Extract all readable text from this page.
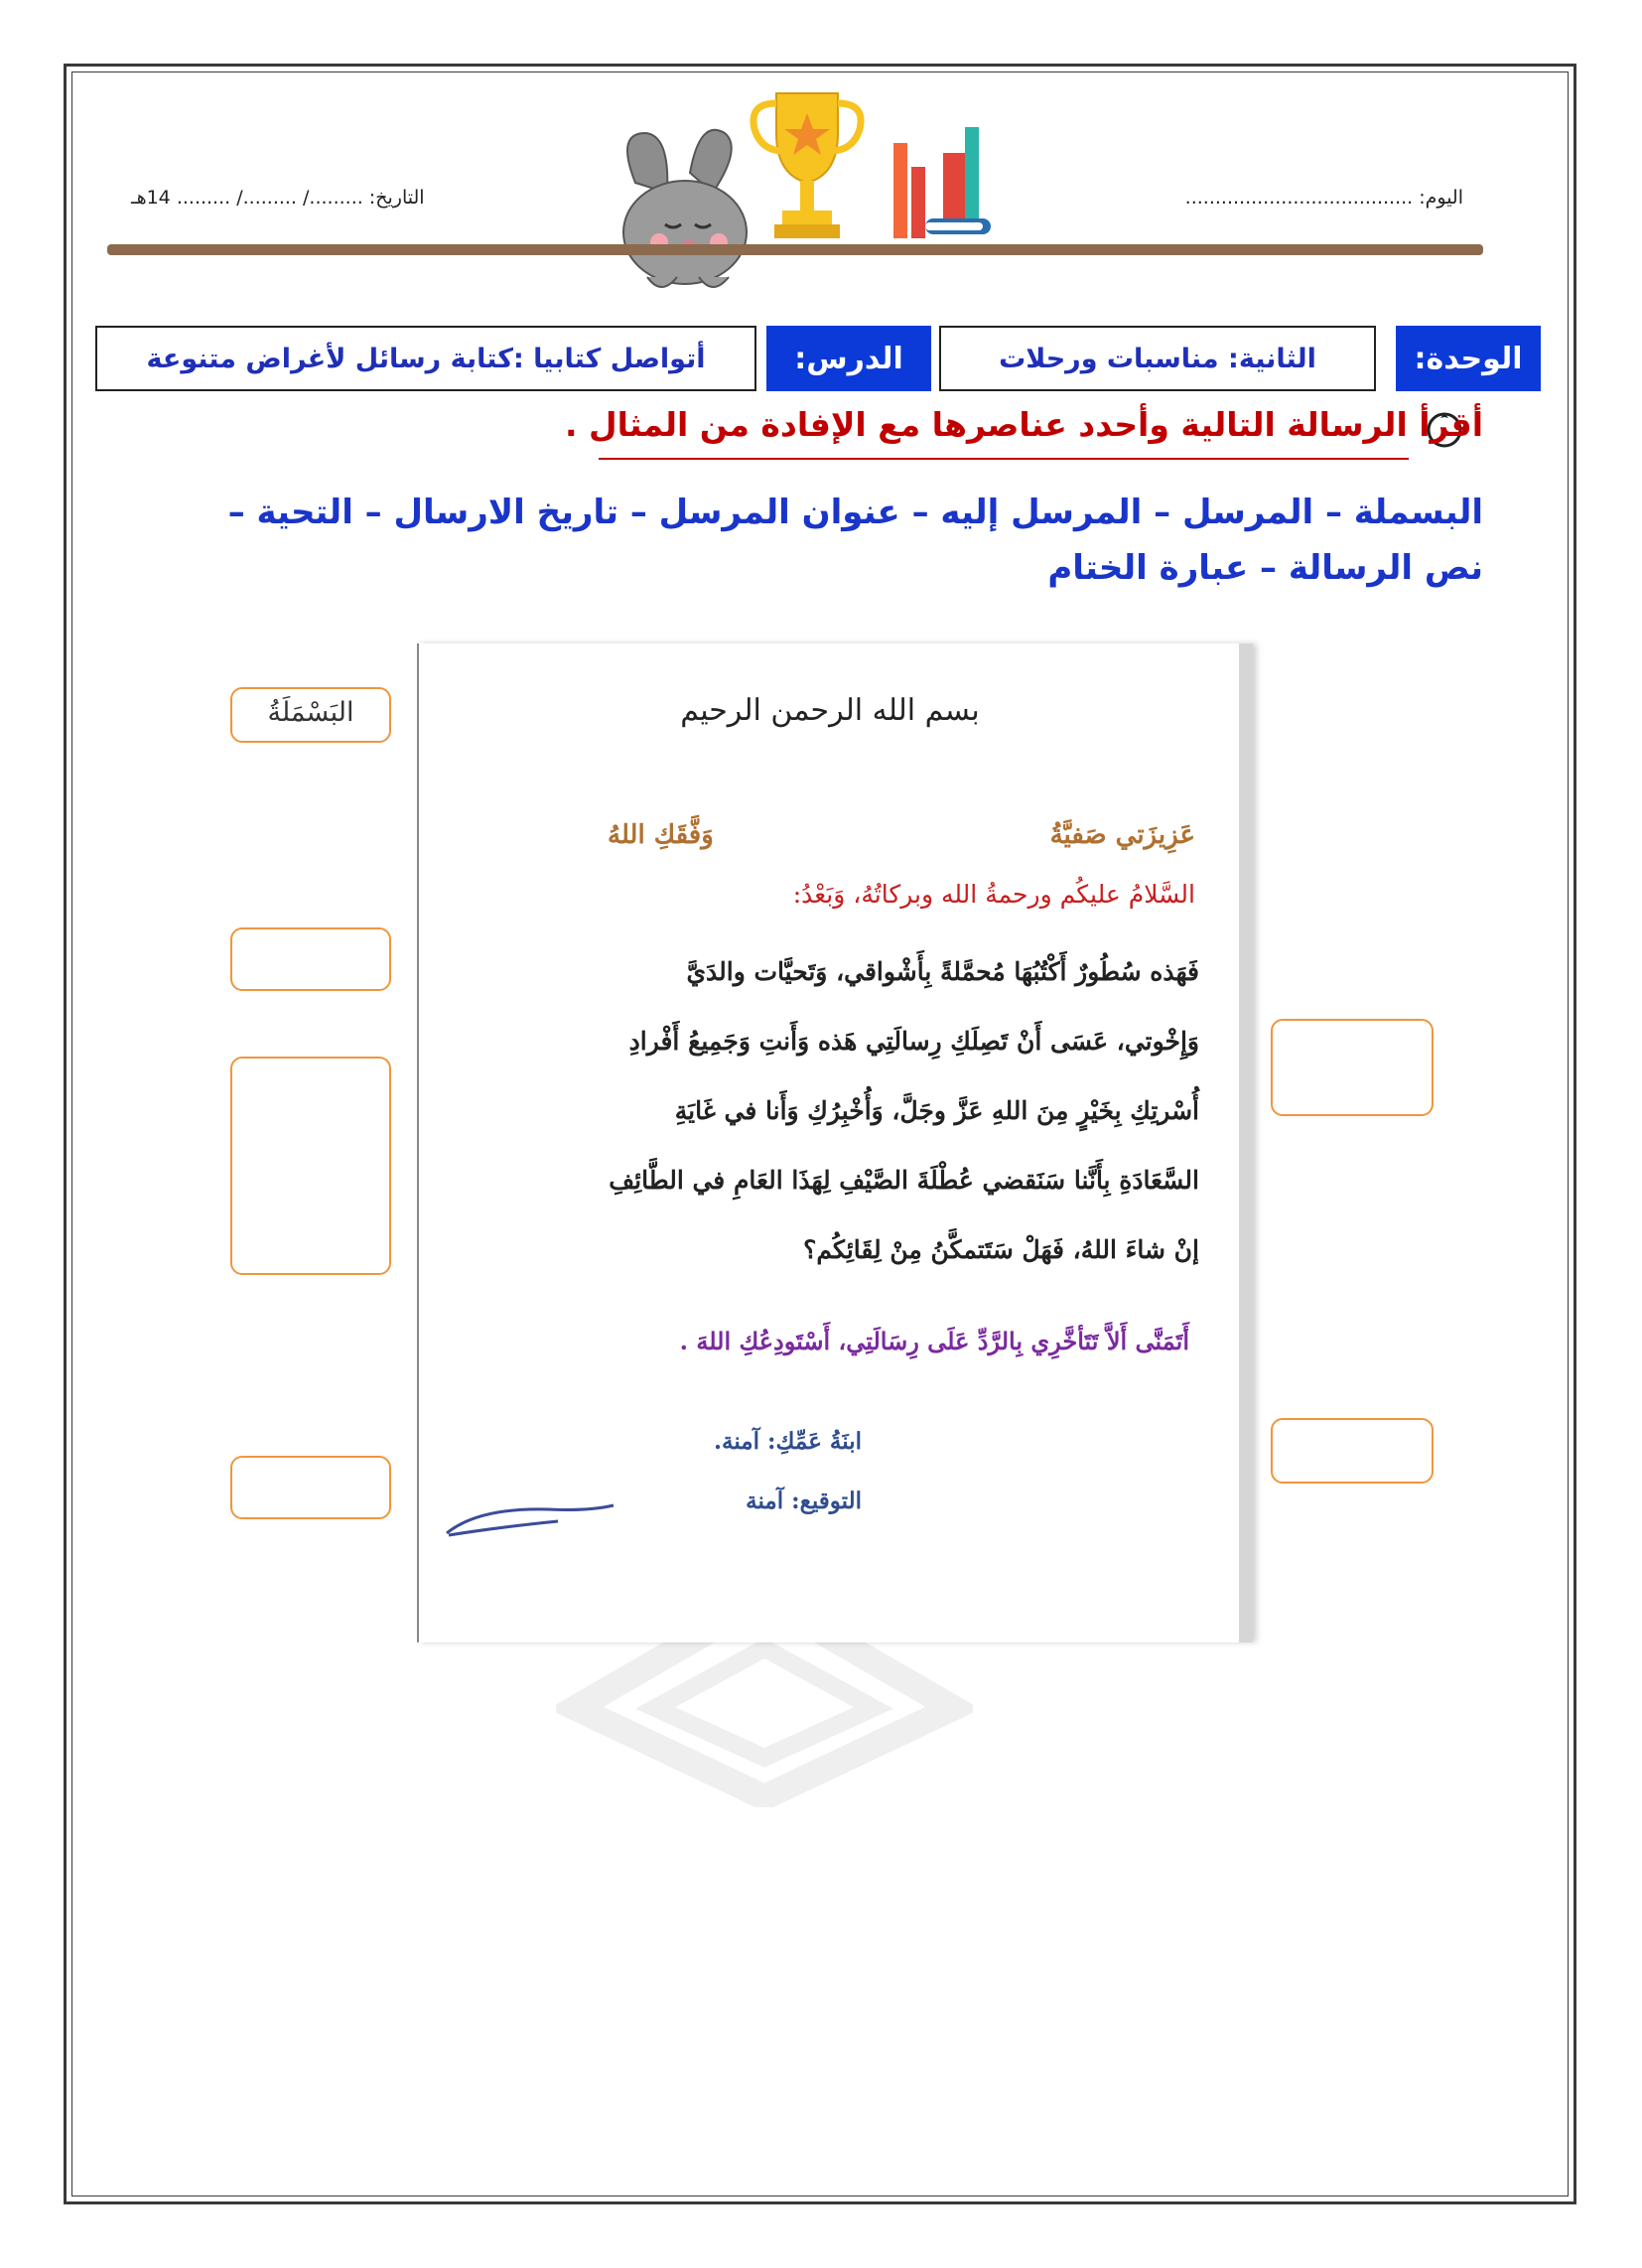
اليوم: ......................................
التاريخ: ........./ ........./ ......... 14هـ
الوحدة:
الثانية: مناسبات ورحلات
الدرس:
أتواصل كتابيا :كتابة رسائل لأغراض متنوعة
أقرأ الرسالة التالية وأحدد عناصرها مع الإفادة من المثال .
البسملة – المرسل – المرسل إليه – عنوان المرسل – تاريخ الارسال – التحية –
نص الرسالة – عبارة الختام
بسم الله الرحمن الرحيم
عَزِيزَتي صَفيَّةُ
وَفَّقَكِ اللهُ
السَّلامُ عليكُم ورحمةُ الله وبركاتُهُ، وَبَعْدُ:
فَهَذه سُطُورٌ أَكْتُبُهَا مُحمَّلةً بِأَشْواقي، وَتَحيَّات والدَيَّ
وَإِخْوتي، عَسَى أَنْ تَصِلَكِ رِسالَتِي هَذه وَأَنتِ وَجَمِيعُ أَفْرادِ
أُسْرتِكِ بِخَيْرٍ مِنَ اللهِ عَزَّ وجَلَّ، وَأُخْبِرُكِ وَأَنا في غَايَةِ
السَّعَادَةِ بِأَنَّنا سَنَقضي عُطْلَةَ الصَّيْفِ لِهَذَا العَامِ في الطَّائِفِ
إنْ شاءَ اللهُ، فَهَلْ سَتَتمكَّنُ مِنْ لِقَائِكُم؟
أَتَمَنَّى أَلاَّ تَتَأخَّرِي بِالرَّدِّ عَلَى رِسَالَتِي، أَسْتَودِعُكِ اللهَ .
ابنَةُ عَمِّكِ: آمنة.
التوقيع: آمنة
البَسْمَلَةُ
